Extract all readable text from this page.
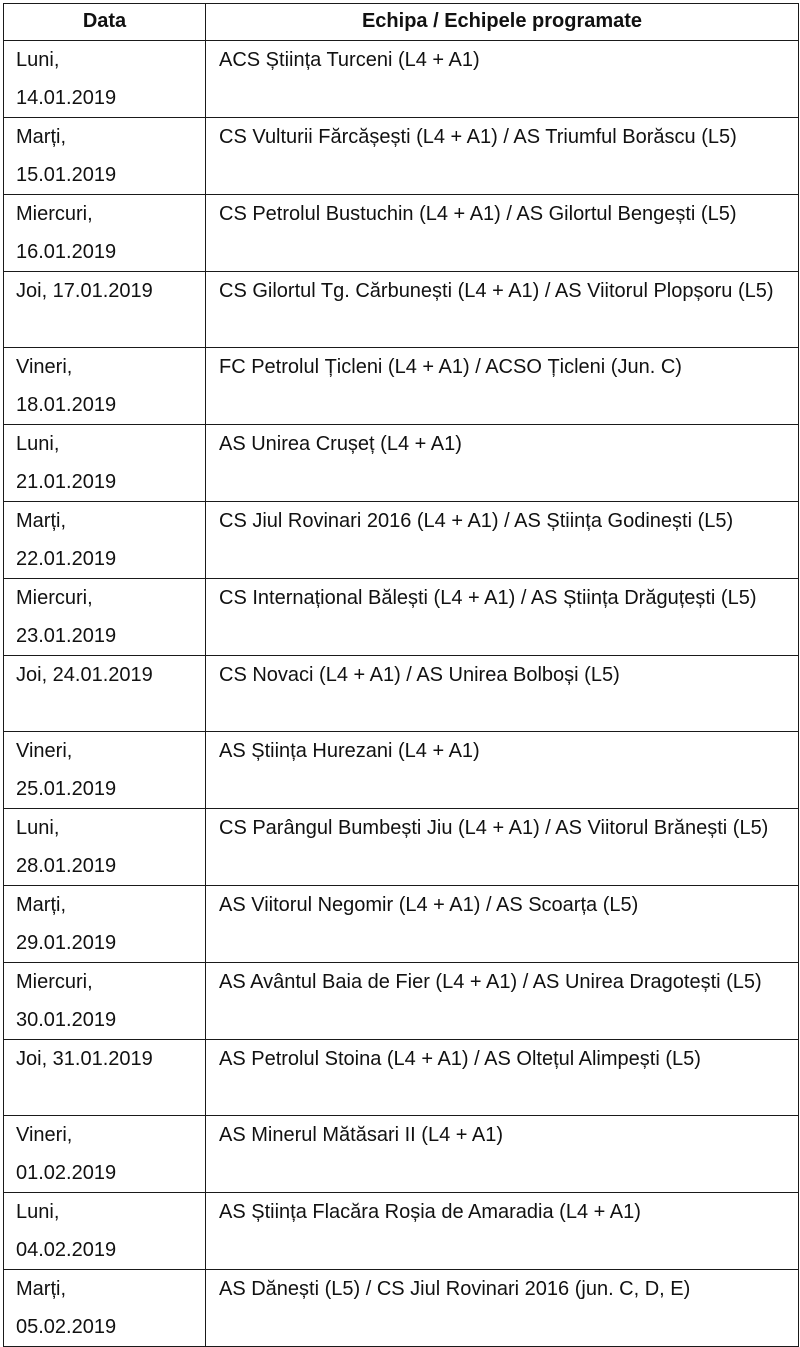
Data	Echipa / Echipele programate
Luni,
14.01.2019	ACS Știința Turceni (L4 + A1)
Marți,
15.01.2019	CS Vulturii Fărcășești (L4 + A1) / AS Triumful Borăscu (L5)
Miercuri,
16.01.2019	CS Petrolul Bustuchin (L4 + A1) / AS Gilortul Bengești (L5)
Joi, 17.01.2019	CS Gilortul Tg. Cărbunești (L4 + A1) / AS Viitorul Plopșoru (L5)
Vineri,
18.01.2019	FC Petrolul Țicleni (L4 + A1) / ACSO Țicleni (Jun. C)
Luni,
21.01.2019	AS Unirea Crușeț (L4 + A1)
Marți,
22.01.2019	CS Jiul Rovinari 2016 (L4 + A1) / AS Știința Godinești (L5)
Miercuri,
23.01.2019	CS Internațional Bălești (L4 + A1) / AS Știința Drăguțești (L5)
Joi, 24.01.2019	CS Novaci (L4 + A1) / AS Unirea Bolboși (L5)
Vineri,
25.01.2019	AS Știința Hurezani (L4 + A1)
Luni,
28.01.2019	CS Parângul Bumbești Jiu (L4 + A1) / AS Viitorul Brănești (L5)
Marți,
29.01.2019	AS Viitorul Negomir (L4 + A1) / AS Scoarța (L5)
Miercuri,
30.01.2019	AS Avântul Baia de Fier (L4 + A1) / AS Unirea Dragotești (L5)
Joi, 31.01.2019	AS Petrolul Stoina (L4 + A1) / AS Oltețul Alimpești (L5)
Vineri,
01.02.2019	AS Minerul Mătăsari II (L4 + A1)
Luni,
04.02.2019	AS Știința Flacăra Roșia de Amaradia (L4 + A1)
Marți,
05.02.2019	AS Dănești (L5) / CS Jiul Rovinari 2016 (jun. C, D, E)
